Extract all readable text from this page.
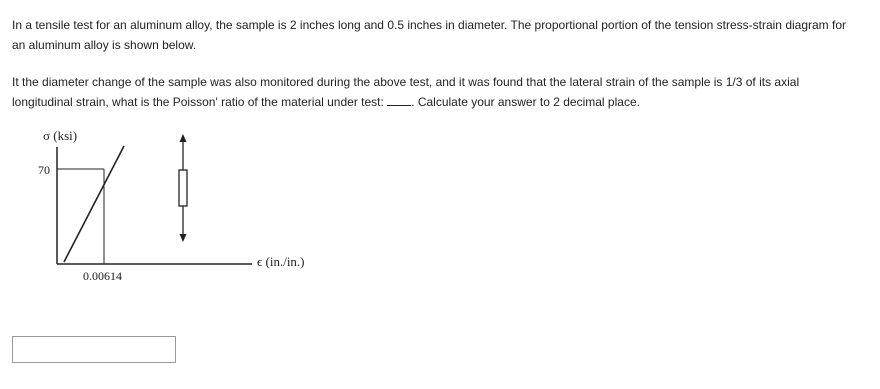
In a tensile test for an aluminum alloy, the sample is 2 inches long and 0.5 inches in diameter. The proportional portion of the tension stress-strain diagram for an aluminum alloy is shown below.

It the diameter change of the sample was also monitored during the above test, and it was found that the lateral strain of the sample is 1/3 of its axial longitudinal strain, what is the Poisson' ratio of the material under test: . Calculate your answer to 2 decimal place.

σ (ksi)
70
0.00614
ϵ (in./in.)
